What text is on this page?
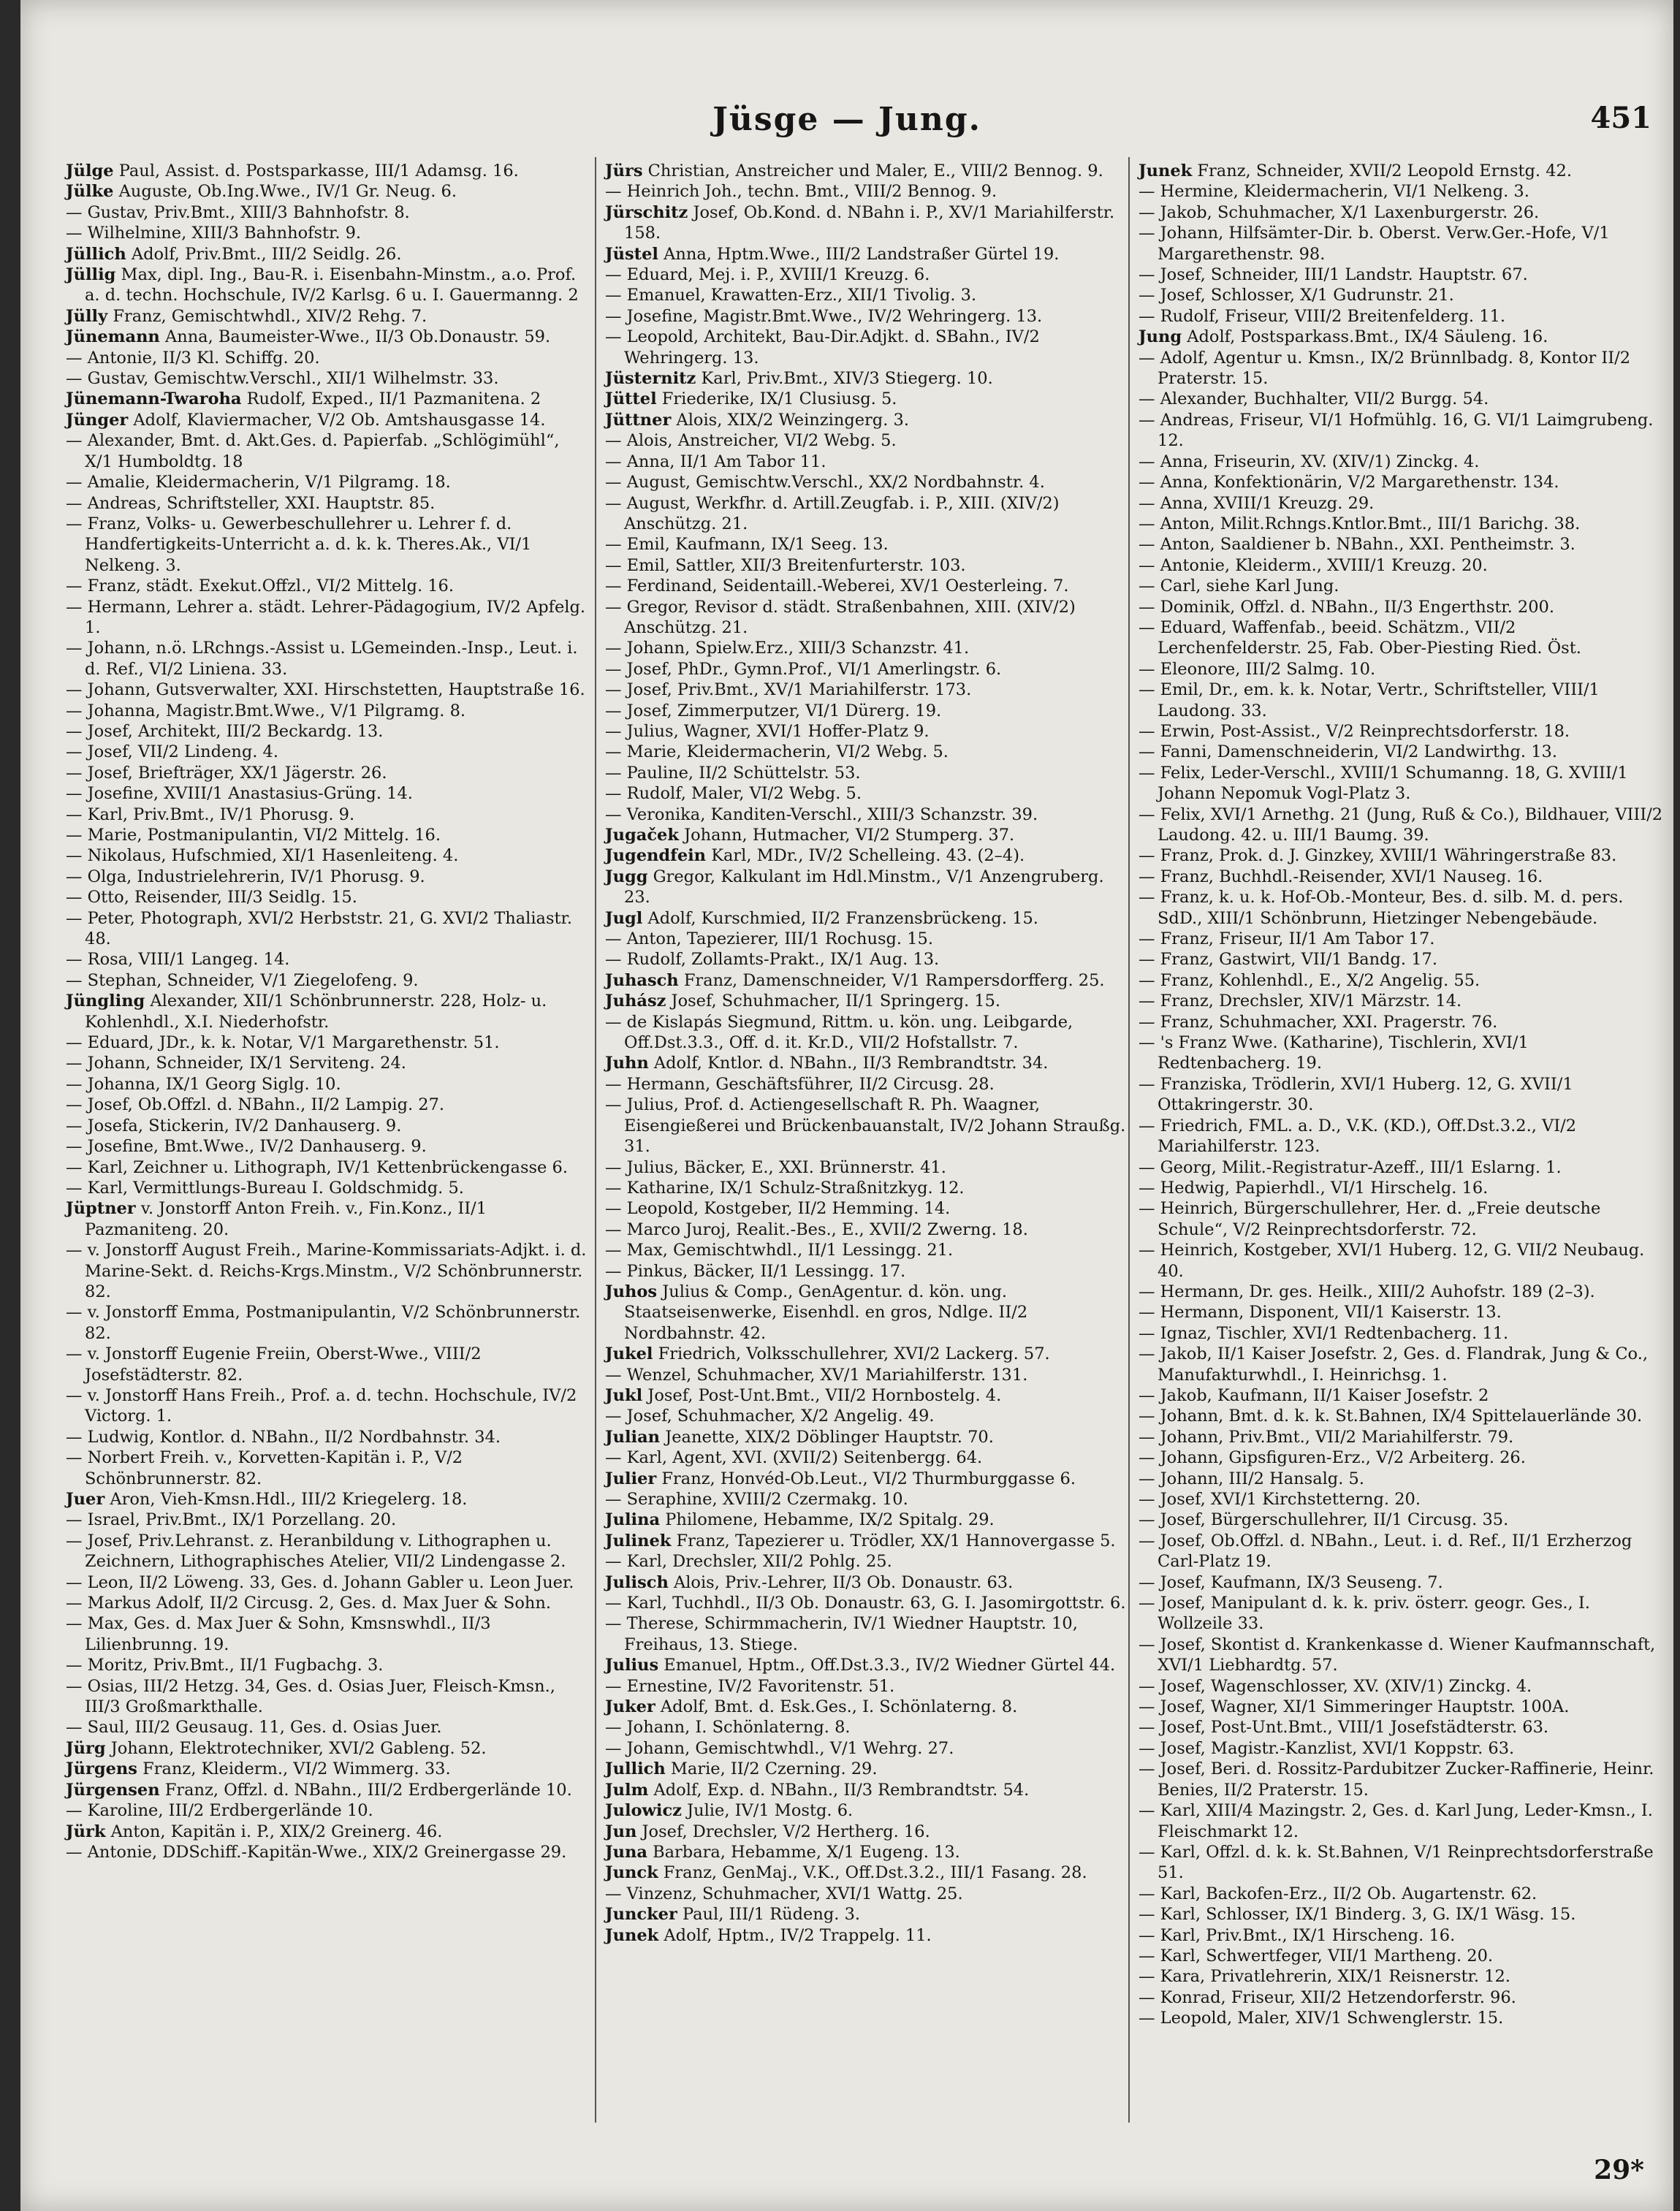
Jüsge — Jung.	451

Jülge Paul, Assist. d. Postsparkasse, III/1 Adamsg. 16.

Jülke Auguste, Ob.Ing.Wwe., IV/1 Gr. Neug. 6.

— Gustav, Priv.Bmt., XIII/3 Bahnhofstr. 8.

— Wilhelmine, XIII/3 Bahnhofstr. 9.

Jüllich Adolf, Priv.Bmt., III/2 Seidlg. 26.

Jüllig Max, dipl. Ing., Bau-R. i. Eisenbahn-Minstm., a.o. Prof. a. d. techn. Hochschule, IV/2 Karlsg. 6 u. I. Gauermanng. 2

Jülly Franz, Gemischtwhdl., XIV/2 Rehg. 7.

Jünemann Anna, Baumeister-Wwe., II/3 Ob.Donaustr. 59.

— Antonie, II/3 Kl. Schiffg. 20.

— Gustav, Gemischtw.Verschl., XII/1 Wilhelmstr. 33.

Jünemann-Twaroha Rudolf, Exped., II/1 Pazmanitena. 2

Jünger Adolf, Klaviermacher, V/2 Ob. Amtshausgasse 14.

— Alexander, Bmt. d. Akt.Ges. d. Papierfab. „Schlögimühl“, X/1 Humboldtg. 18

— Amalie, Kleidermacherin, V/1 Pilgramg. 18.

— Andreas, Schriftsteller, XXI. Hauptstr. 85.

— Franz, Volks- u. Gewerbeschullehrer u. Lehrer f. d. Handfertigkeits-Unterricht a. d. k. k. Theres.Ak., VI/1 Nelkeng. 3.

— Franz, städt. Exekut.Offzl., VI/2 Mittelg. 16.

— Hermann, Lehrer a. städt. Lehrer-Pädagogium, IV/2 Apfelg. 1.

— Johann, n.ö. LRchngs.-Assist u. LGemeinden.-Insp., Leut. i. d. Ref., VI/2 Liniena. 33.

— Johann, Gutsverwalter, XXI. Hirschstetten, Hauptstraße 16.

— Johanna, Magistr.Bmt.Wwe., V/1 Pilgramg. 8.

— Josef, Architekt, III/2 Beckardg. 13.

— Josef, VII/2 Lindeng. 4.

— Josef, Briefträger, XX/1 Jägerstr. 26.

— Josefine, XVIII/1 Anastasius-Grüng. 14.

— Karl, Priv.Bmt., IV/1 Phorusg. 9.

— Marie, Postmanipulantin, VI/2 Mittelg. 16.

— Nikolaus, Hufschmied, XI/1 Hasenleiteng. 4.

— Olga, Industrielehrerin, IV/1 Phorusg. 9.

— Otto, Reisender, III/3 Seidlg. 15.

— Peter, Photograph, XVI/2 Herbststr. 21, G. XVI/2 Thaliastr. 48.

— Rosa, VIII/1 Langeg. 14.

— Stephan, Schneider, V/1 Ziegelofeng. 9.

Jüngling Alexander, XII/1 Schönbrunnerstr. 228, Holz- u. Kohlenhdl., X.I. Niederhofstr.

— Eduard, JDr., k. k. Notar, V/1 Margarethenstr. 51.

— Johann, Schneider, IX/1 Serviteng. 24.

— Johanna, IX/1 Georg Siglg. 10.

— Josef, Ob.Offzl. d. NBahn., II/2 Lampig. 27.

— Josefa, Stickerin, IV/2 Danhauserg. 9.

— Josefine, Bmt.Wwe., IV/2 Danhauserg. 9.

— Karl, Zeichner u. Lithograph, IV/1 Kettenbrückengasse 6.

— Karl, Vermittlungs-Bureau I. Goldschmidg. 5.

Jüptner v. Jonstorff Anton Freih. v., Fin.Konz., II/1 Pazmaniteng. 20.

— v. Jonstorff August Freih., Marine-Kommissariats-Adjkt. i. d. Marine-Sekt. d. Reichs-Krgs.Minstm., V/2 Schönbrunnerstr. 82.

— v. Jonstorff Emma, Postmanipulantin, V/2 Schönbrunnerstr. 82.

— v. Jonstorff Eugenie Freiin, Oberst-Wwe., VIII/2 Josefstädterstr. 82.

— v. Jonstorff Hans Freih., Prof. a. d. techn. Hochschule, IV/2 Victorg. 1.

— Ludwig, Kontlor. d. NBahn., II/2 Nordbahnstr. 34.

— Norbert Freih. v., Korvetten-Kapitän i. P., V/2 Schönbrunnerstr. 82.

Juer Aron, Vieh-Kmsn.Hdl., III/2 Kriegelerg. 18.

— Israel, Priv.Bmt., IX/1 Porzellang. 20.

— Josef, Priv.Lehranst. z. Heranbildung v. Lithographen u. Zeichnern, Lithographisches Atelier, VII/2 Lindengasse 2.

— Leon, II/2 Löweng. 33, Ges. d. Johann Gabler u. Leon Juer.

— Markus Adolf, II/2 Circusg. 2, Ges. d. Max Juer & Sohn.

— Max, Ges. d. Max Juer & Sohn, Kmsnswhdl., II/3 Lilienbrunng. 19.

— Moritz, Priv.Bmt., II/1 Fugbachg. 3.

— Osias, III/2 Hetzg. 34, Ges. d. Osias Juer, Fleisch-Kmsn., III/3 Großmarkthalle.

— Saul, III/2 Geusaug. 11, Ges. d. Osias Juer.

Jürg Johann, Elektrotechniker, XVI/2 Gableng. 52.

Jürgens Franz, Kleiderm., VI/2 Wimmerg. 33.

Jürgensen Franz, Offzl. d. NBahn., III/2 Erdbergerlände 10.

— Karoline, III/2 Erdbergerlände 10.

Jürk Anton, Kapitän i. P., XIX/2 Greinerg. 46.

— Antonie, DDSchiff.-Kapitän-Wwe., XIX/2 Greinergasse 29.

Jürs Christian, Anstreicher und Maler, E., VIII/2 Bennog. 9.

— Heinrich Joh., techn. Bmt., VIII/2 Bennog. 9.

Jürschitz Josef, Ob.Kond. d. NBahn i. P., XV/1 Mariahilferstr. 158.

Jüstel Anna, Hptm.Wwe., III/2 Landstraßer Gürtel 19.

— Eduard, Mej. i. P., XVIII/1 Kreuzg. 6.

— Emanuel, Krawatten-Erz., XII/1 Tivolig. 3.

— Josefine, Magistr.Bmt.Wwe., IV/2 Wehringerg. 13.

— Leopold, Architekt, Bau-Dir.Adjkt. d. SBahn., IV/2 Wehringerg. 13.

Jüsternitz Karl, Priv.Bmt., XIV/3 Stiegerg. 10.

Jüttel Friederike, IX/1 Clusiusg. 5.

Jüttner Alois, XIX/2 Weinzingerg. 3.

— Alois, Anstreicher, VI/2 Webg. 5.

— Anna, II/1 Am Tabor 11.

— August, Gemischtw.Verschl., XX/2 Nordbahnstr. 4.

— August, Werkfhr. d. Artill.Zeugfab. i. P., XIII. (XIV/2) Anschützg. 21.

— Emil, Kaufmann, IX/1 Seeg. 13.

— Emil, Sattler, XII/3 Breitenfurterstr. 103.

— Ferdinand, Seidentaill.-Weberei, XV/1 Oesterleing. 7.

— Gregor, Revisor d. städt. Straßenbahnen, XIII. (XIV/2) Anschützg. 21.

— Johann, Spielw.Erz., XIII/3 Schanzstr. 41.

— Josef, PhDr., Gymn.Prof., VI/1 Amerlingstr. 6.

— Josef, Priv.Bmt., XV/1 Mariahilferstr. 173.

— Josef, Zimmerputzer, VI/1 Dürerg. 19.

— Julius, Wagner, XVI/1 Hoffer-Platz 9.

— Marie, Kleidermacherin, VI/2 Webg. 5.

— Pauline, II/2 Schüttelstr. 53.

— Rudolf, Maler, VI/2 Webg. 5.

— Veronika, Kanditen-Verschl., XIII/3 Schanzstr. 39.

Jugaček Johann, Hutmacher, VI/2 Stumperg. 37.

Jugendfein Karl, MDr., IV/2 Schelleing. 43. (2–4).

Jugg Gregor, Kalkulant im Hdl.Minstm., V/1 Anzengruberg. 23.

Jugl Adolf, Kurschmied, II/2 Franzensbrückeng. 15.

— Anton, Tapezierer, III/1 Rochusg. 15.

— Rudolf, Zollamts-Prakt., IX/1 Aug. 13.

Juhasch Franz, Damenschneider, V/1 Rampersdorfferg. 25.

Juhász Josef, Schuhmacher, II/1 Springerg. 15.

— de Kislapás Siegmund, Rittm. u. kön. ung. Leibgarde, Off.Dst.3.3., Off. d. it. Kr.D., VII/2 Hofstallstr. 7.

Juhn Adolf, Kntlor. d. NBahn., II/3 Rembrandtstr. 34.

— Hermann, Geschäftsführer, II/2 Circusg. 28.

— Julius, Prof. d. Actiengesellschaft R. Ph. Waagner, Eisengießerei und Brückenbauanstalt, IV/2 Johann Straußg. 31.

— Julius, Bäcker, E., XXI. Brünnerstr. 41.

— Katharine, IX/1 Schulz-Straßnitzkyg. 12.

— Leopold, Kostgeber, II/2 Hemming. 14.

— Marco Juroj, Realit.-Bes., E., XVII/2 Zwerng. 18.

— Max, Gemischtwhdl., II/1 Lessingg. 21.

— Pinkus, Bäcker, II/1 Lessingg. 17.

Juhos Julius & Comp., GenAgentur. d. kön. ung. Staatseisenwerke, Eisenhdl. en gros, Ndlge. II/2 Nordbahnstr. 42.

Jukel Friedrich, Volksschullehrer, XVI/2 Lackerg. 57.

— Wenzel, Schuhmacher, XV/1 Mariahilferstr. 131.

Jukl Josef, Post-Unt.Bmt., VII/2 Hornbostelg. 4.

— Josef, Schuhmacher, X/2 Angelig. 49.

Julian Jeanette, XIX/2 Döblinger Hauptstr. 70.

— Karl, Agent, XVI. (XVII/2) Seitenbergg. 64.

Julier Franz, Honvéd-Ob.Leut., VI/2 Thurmburggasse 6.

— Seraphine, XVIII/2 Czermakg. 10.

Julina Philomene, Hebamme, IX/2 Spitalg. 29.

Julinek Franz, Tapezierer u. Trödler, XX/1 Hannovergasse 5.

— Karl, Drechsler, XII/2 Pohlg. 25.

Julisch Alois, Priv.-Lehrer, II/3 Ob. Donaustr. 63.

— Karl, Tuchhdl., II/3 Ob. Donaustr. 63, G. I. Jasomirgottstr. 6.

— Therese, Schirmmacherin, IV/1 Wiedner Hauptstr. 10, Freihaus, 13. Stiege.

Julius Emanuel, Hptm., Off.Dst.3.3., IV/2 Wiedner Gürtel 44.

— Ernestine, IV/2 Favoritenstr. 51.

Juker Adolf, Bmt. d. Esk.Ges., I. Schönlaterng. 8.

— Johann, I. Schönlaterng. 8.

— Johann, Gemischtwhdl., V/1 Wehrg. 27.

Jullich Marie, II/2 Czerning. 29.

Julm Adolf, Exp. d. NBahn., II/3 Rembrandtstr. 54.

Julowicz Julie, IV/1 Mostg. 6.

Jun Josef, Drechsler, V/2 Hertherg. 16.

Juna Barbara, Hebamme, X/1 Eugeng. 13.

Junck Franz, GenMaj., V.K., Off.Dst.3.2., III/1 Fasang. 28.

— Vinzenz, Schuhmacher, XVI/1 Wattg. 25.

Juncker Paul, III/1 Rüdeng. 3.

Junek Adolf, Hptm., IV/2 Trappelg. 11.

Junek Franz, Schneider, XVII/2 Leopold Ernstg. 42.

— Hermine, Kleidermacherin, VI/1 Nelkeng. 3.

— Jakob, Schuhmacher, X/1 Laxenburgerstr. 26.

— Johann, Hilfsämter-Dir. b. Oberst. Verw.Ger.-Hofe, V/1 Margarethenstr. 98.

— Josef, Schneider, III/1 Landstr. Hauptstr. 67.

— Josef, Schlosser, X/1 Gudrunstr. 21.

— Rudolf, Friseur, VIII/2 Breitenfelderg. 11.

Jung Adolf, Postsparkass.Bmt., IX/4 Säuleng. 16.

— Adolf, Agentur u. Kmsn., IX/2 Brünnlbadg. 8, Kontor II/2 Praterstr. 15.

— Alexander, Buchhalter, VII/2 Burgg. 54.

— Andreas, Friseur, VI/1 Hofmühlg. 16, G. VI/1 Laimgrubeng. 12.

— Anna, Friseurin, XV. (XIV/1) Zinckg. 4.

— Anna, Konfektionärin, V/2 Margarethenstr. 134.

— Anna, XVIII/1 Kreuzg. 29.

— Anton, Milit.Rchngs.Kntlor.Bmt., III/1 Barichg. 38.

— Anton, Saaldiener b. NBahn., XXI. Pentheimstr. 3.

— Antonie, Kleiderm., XVIII/1 Kreuzg. 20.

— Carl, siehe Karl Jung.

— Dominik, Offzl. d. NBahn., II/3 Engerthstr. 200.

— Eduard, Waffenfab., beeid. Schätzm., VII/2 Lerchenfelderstr. 25, Fab. Ober-Piesting Ried. Öst.

— Eleonore, III/2 Salmg. 10.

— Emil, Dr., em. k. k. Notar, Vertr., Schriftsteller, VIII/1 Laudong. 33.

— Erwin, Post-Assist., V/2 Reinprechtsdorferstr. 18.

— Fanni, Damenschneiderin, VI/2 Landwirthg. 13.

— Felix, Leder-Verschl., XVIII/1 Schumanng. 18, G. XVIII/1 Johann Nepomuk Vogl-Platz 3.

— Felix, XVI/1 Arnethg. 21 (Jung, Ruß & Co.), Bildhauer, VIII/2 Laudong. 42. u. III/1 Baumg. 39.

— Franz, Prok. d. J. Ginzkey, XVIII/1 Währingerstraße 83.

— Franz, Buchhdl.-Reisender, XVI/1 Nauseg. 16.

— Franz, k. u. k. Hof-Ob.-Monteur, Bes. d. silb. M. d. pers. SdD., XIII/1 Schönbrunn, Hietzinger Nebengebäude.

— Franz, Friseur, II/1 Am Tabor 17.

— Franz, Gastwirt, VII/1 Bandg. 17.

— Franz, Kohlenhdl., E., X/2 Angelig. 55.

— Franz, Drechsler, XIV/1 Märzstr. 14.

— Franz, Schuhmacher, XXI. Pragerstr. 76.

— 's Franz Wwe. (Katharine), Tischlerin, XVI/1 Redtenbacherg. 19.

— Franziska, Trödlerin, XVI/1 Huberg. 12, G. XVII/1 Ottakringerstr. 30.

— Friedrich, FML. a. D., V.K. (KD.), Off.Dst.3.2., VI/2 Mariahilferstr. 123.

— Georg, Milit.-Registratur-Azeff., III/1 Eslarng. 1.

— Hedwig, Papierhdl., VI/1 Hirschelg. 16.

— Heinrich, Bürgerschullehrer, Her. d. „Freie deutsche Schule“, V/2 Reinprechtsdorferstr. 72.

— Heinrich, Kostgeber, XVI/1 Huberg. 12, G. VII/2 Neubaug. 40.

— Hermann, Dr. ges. Heilk., XIII/2 Auhofstr. 189 (2–3).

— Hermann, Disponent, VII/1 Kaiserstr. 13.

— Ignaz, Tischler, XVI/1 Redtenbacherg. 11.

— Jakob, II/1 Kaiser Josefstr. 2, Ges. d. Flandrak, Jung & Co., Manufakturwhdl., I. Heinrichsg. 1.

— Jakob, Kaufmann, II/1 Kaiser Josefstr. 2

— Johann, Bmt. d. k. k. St.Bahnen, IX/4 Spittelauerlände 30.

— Johann, Priv.Bmt., VII/2 Mariahilferstr. 79.

— Johann, Gipsfiguren-Erz., V/2 Arbeiterg. 26.

— Johann, III/2 Hansalg. 5.

— Josef, XVI/1 Kirchstetterng. 20.

— Josef, Bürgerschullehrer, II/1 Circusg. 35.

— Josef, Ob.Offzl. d. NBahn., Leut. i. d. Ref., II/1 Erzherzog Carl-Platz 19.

— Josef, Kaufmann, IX/3 Seuseng. 7.

— Josef, Manipulant d. k. k. priv. österr. geogr. Ges., I. Wollzeile 33.

— Josef, Skontist d. Krankenkasse d. Wiener Kaufmannschaft, XVI/1 Liebhardtg. 57.

— Josef, Wagenschlosser, XV. (XIV/1) Zinckg. 4.

— Josef, Wagner, XI/1 Simmeringer Hauptstr. 100A.

— Josef, Post-Unt.Bmt., VIII/1 Josefstädterstr. 63.

— Josef, Magistr.-Kanzlist, XVI/1 Koppstr. 63.

— Josef, Beri. d. Rossitz-Pardubitzer Zucker-Raffinerie, Heinr. Benies, II/2 Praterstr. 15.

— Karl, XIII/4 Mazingstr. 2, Ges. d. Karl Jung, Leder-Kmsn., I. Fleischmarkt 12.

— Karl, Offzl. d. k. k. St.Bahnen, V/1 Reinprechtsdorferstraße 51.

— Karl, Backofen-Erz., II/2 Ob. Augartenstr. 62.

— Karl, Schlosser, IX/1 Binderg. 3, G. IX/1 Wäsg. 15.

— Karl, Priv.Bmt., IX/1 Hirscheng. 16.

— Karl, Schwertfeger, VII/1 Martheng. 20.

— Kara, Privatlehrerin, XIX/1 Reisnerstr. 12.

— Konrad, Friseur, XII/2 Hetzendorferstr. 96.

— Leopold, Maler, XIV/1 Schwenglerstr. 15.

29*
